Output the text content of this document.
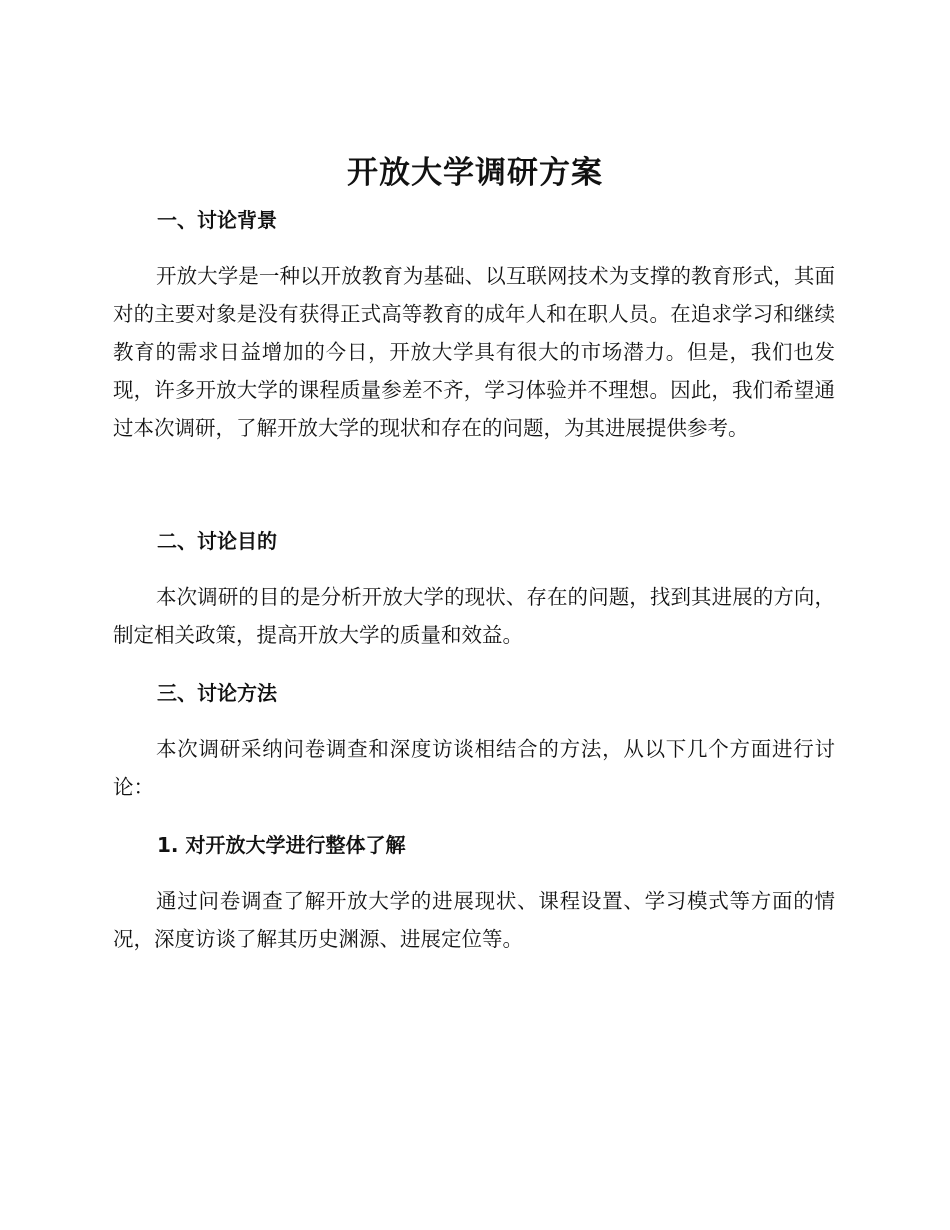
开放大学调研方案
一、讨论背景

开放大学是一种以开放教育为基础、以互联网技术为支撑的教育形式，其面对的主要对象是没有获得正式高等教育的成年人和在职人员。在追求学习和继续教育的需求日益增加的今日，开放大学具有很大的市场潜力。但是，我们也发现，许多开放大学的课程质量参差不齐，学习体验并不理想。因此，我们希望通过本次调研，了解开放大学的现状和存在的问题，为其进展提供参考。

二、讨论目的

本次调研的目的是分析开放大学的现状、存在的问题，找到其进展的方向，制定相关政策，提高开放大学的质量和效益。

三、讨论方法

本次调研采纳问卷调查和深度访谈相结合的方法，从以下几个方面进行讨论：

1. 对开放大学进行整体了解

通过问卷调查了解开放大学的进展现状、课程设置、学习模式等方面的情况，深度访谈了解其历史渊源、进展定位等。
